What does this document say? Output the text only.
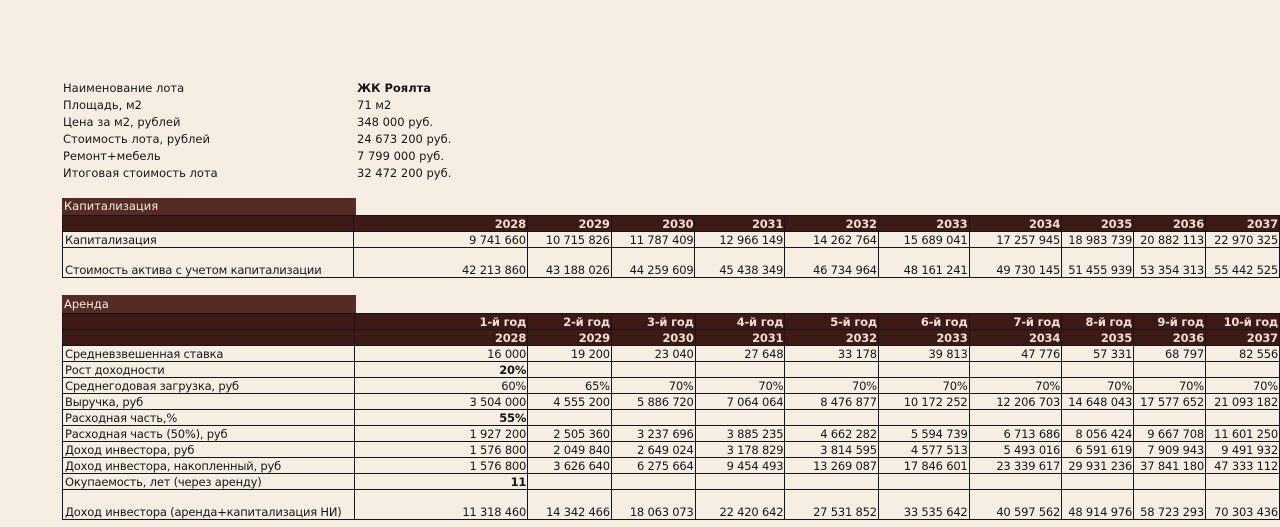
Наименование лота	ЖК Роялта
Площадь, м2	71 м2
Цена за м2, рублей	348 000 руб.
Стоимость лота, рублей	24 673 200 руб.
Ремонт+мебель	7 799 000 руб.
Итоговая стоимость лота	32 472 200 руб.
Капитализация
	2028	2029	2030	2031	2032	2033	2034	2035	2036	2037
Капитализация	9 741 660	10 715 826	11 787 409	12 966 149	14 262 764	15 689 041	17 257 945	18 983 739	20 882 113	22 970 325
Стоимость актива с учетом капитализации	42 213 860	43 188 026	44 259 609	45 438 349	46 734 964	48 161 241	49 730 145	51 455 939	53 354 313	55 442 525
Аренда
	1-й год	2-й год	3-й год	4-й год	5-й год	6-й год	7-й год	8-й год	9-й год	10-й год
	2028	2029	2030	2031	2032	2033	2034	2035	2036	2037
Средневзвешенная ставка	16 000	19 200	23 040	27 648	33 178	39 813	47 776	57 331	68 797	82 556
Рост доходности	20%									
Среднегодовая загрузка, руб	60%	65%	70%	70%	70%	70%	70%	70%	70%	70%
Выручка, руб	3 504 000	4 555 200	5 886 720	7 064 064	8 476 877	10 172 252	12 206 703	14 648 043	17 577 652	21 093 182
Расходная часть,%	55%									
Расходная часть (50%), руб	1 927 200	2 505 360	3 237 696	3 885 235	4 662 282	5 594 739	6 713 686	8 056 424	9 667 708	11 601 250
Доход инвестора, руб	1 576 800	2 049 840	2 649 024	3 178 829	3 814 595	4 577 513	5 493 016	6 591 619	7 909 943	9 491 932
Доход инвестора, накопленный, руб	1 576 800	3 626 640	6 275 664	9 454 493	13 269 087	17 846 601	23 339 617	29 931 236	37 841 180	47 333 112
Окупаемость, лет (через аренду)	11									
Доход инвестора (аренда+капитализация НИ)	11 318 460	14 342 466	18 063 073	22 420 642	27 531 852	33 535 642	40 597 562	48 914 976	58 723 293	70 303 436
